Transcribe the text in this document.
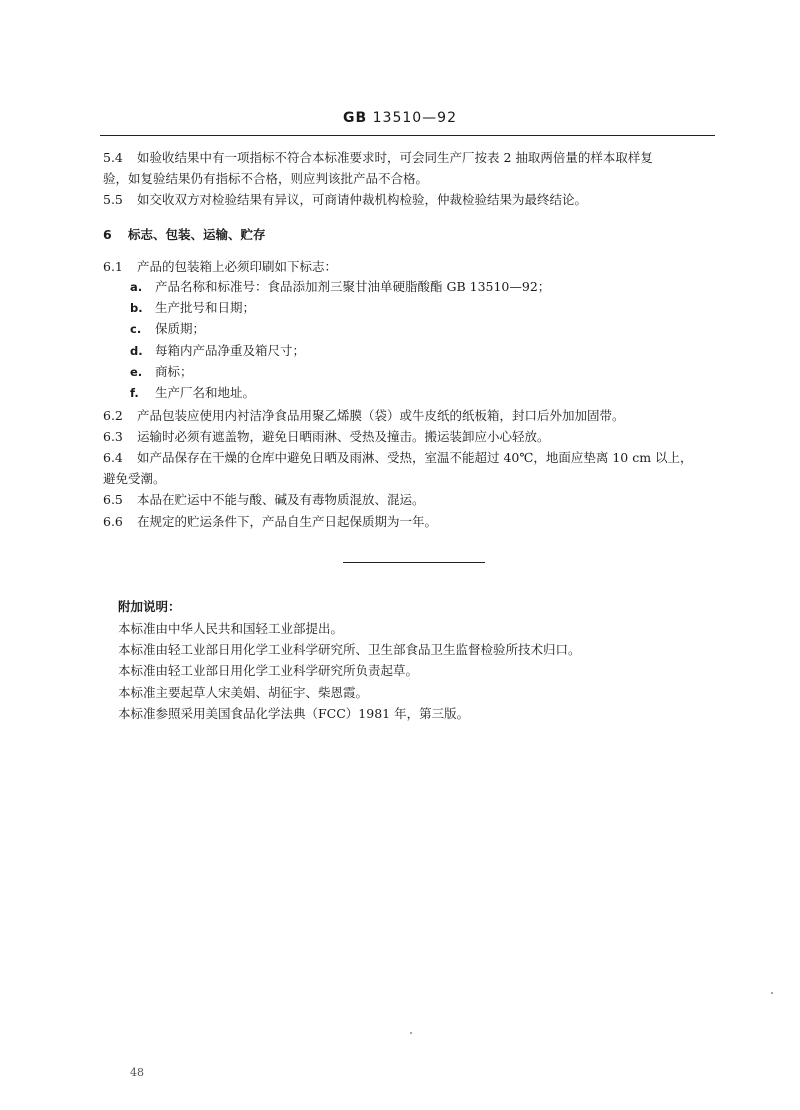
GB 13510—92
5.4 如验收结果中有一项指标不符合本标准要求时，可会同生产厂按表 2 抽取两倍量的样本取样复
验，如复验结果仍有指标不合格，则应判该批产品不合格。
5.5 如交收双方对检验结果有异议，可商请仲裁机构检验，仲裁检验结果为最终结论。
6 标志、包装、运输、贮存
6.1 产品的包装箱上必须印刷如下标志：
a. 产品名称和标准号：食品添加剂三聚甘油单硬脂酸酯 GB 13510—92；
b. 生产批号和日期；
c. 保质期；
d. 每箱内产品净重及箱尺寸；
e. 商标；
f. 生产厂名和地址。
6.2 产品包装应使用内衬洁净食品用聚乙烯膜（袋）或牛皮纸的纸板箱，封口后外加加固带。
6.3 运输时必须有遮盖物，避免日晒雨淋、受热及撞击。搬运装卸应小心轻放。
6.4 如产品保存在干燥的仓库中避免日晒及雨淋、受热，室温不能超过 40℃，地面应垫离 10 cm 以上，
避免受潮。
6.5 本品在贮运中不能与酸、碱及有毒物质混放、混运。
6.6 在规定的贮运条件下，产品自生产日起保质期为一年。
附加说明：
本标准由中华人民共和国轻工业部提出。
本标准由轻工业部日用化学工业科学研究所、卫生部食品卫生监督检验所技术归口。
本标准由轻工业部日用化学工业科学研究所负责起草。
本标准主要起草人宋美娟、胡征宇、柴恩霞。
本标准参照采用美国食品化学法典（FCC）1981 年，第三版。
48
